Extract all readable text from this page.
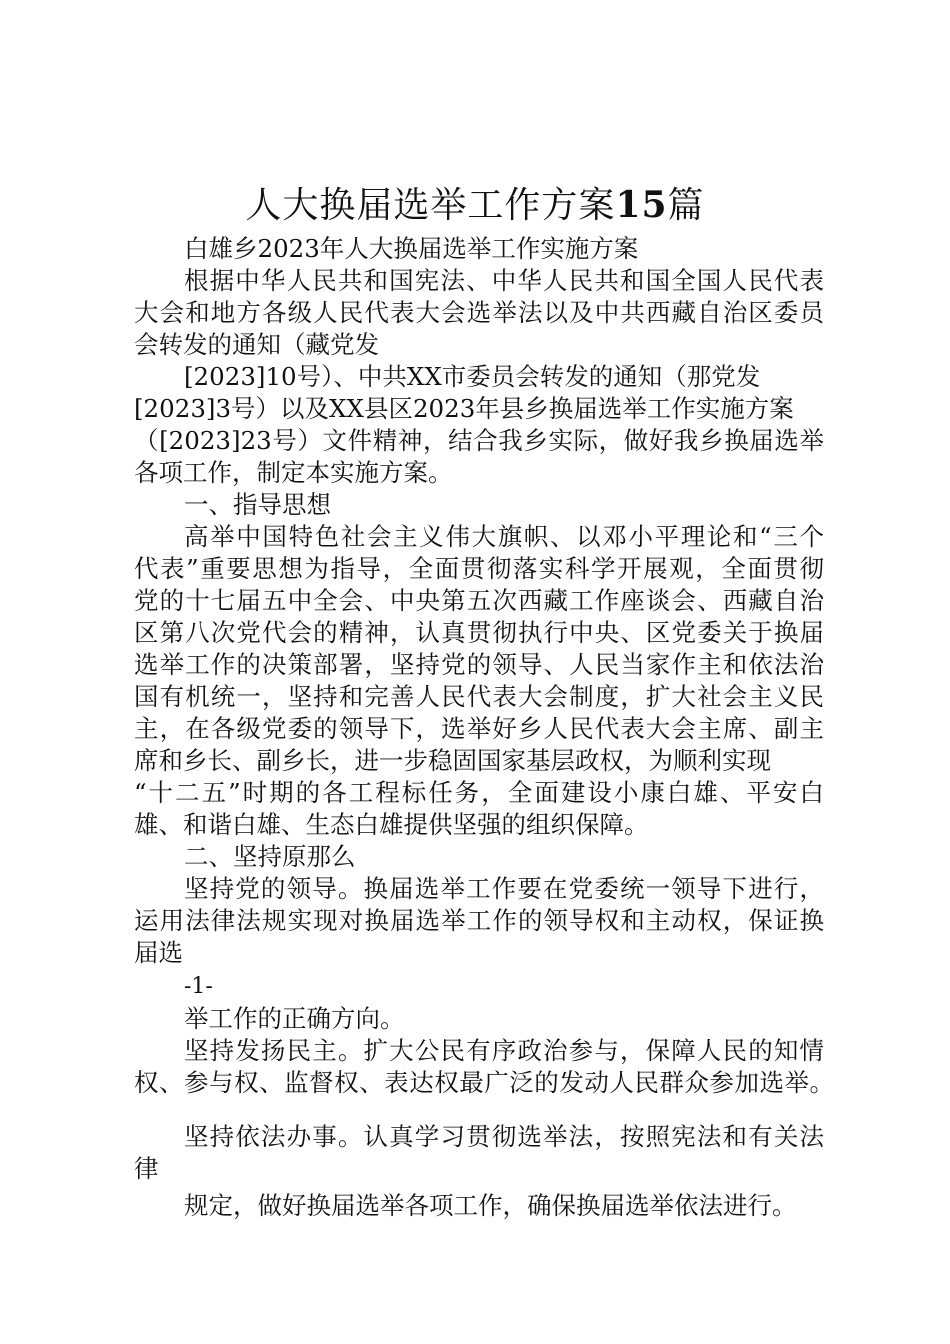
人大换届选举工作方案15篇
白雄乡2023年人大换届选举工作实施方案
根据中华人民共和国宪法、中华人民共和国全国人民代表
大会和地方各级人民代表大会选举法以及中共西藏自治区委员
会转发的通知（藏党发
[2023]10号）、中共XX市委员会转发的通知（那党发
[2023]3号）以及XX县区2023年县乡换届选举工作实施方案
（[2023]23号）文件精神，结合我乡实际，做好我乡换届选举
各项工作，制定本实施方案。
一、指导思想
高举中国特色社会主义伟大旗帜、以邓小平理论和“三个
代表”重要思想为指导，全面贯彻落实科学开展观，全面贯彻
党的十七届五中全会、中央第五次西藏工作座谈会、西藏自治
区第八次党代会的精神，认真贯彻执行中央、区党委关于换届
选举工作的决策部署，坚持党的领导、人民当家作主和依法治
国有机统一，坚持和完善人民代表大会制度，扩大社会主义民
主，在各级党委的领导下，选举好乡人民代表大会主席、副主
席和乡长、副乡长，进一步稳固国家基层政权，为顺利实现
“十二五”时期的各工程标任务，全面建设小康白雄、平安白
雄、和谐白雄、生态白雄提供坚强的组织保障。
二、坚持原那么
坚持党的领导。换届选举工作要在党委统一领导下进行，
运用法律法规实现对换届选举工作的领导权和主动权，保证换
届选
-1-
举工作的正确方向。
坚持发扬民主。扩大公民有序政治参与，保障人民的知情
权、参与权、监督权、表达权最广泛的发动人民群众参加选举。
坚持依法办事。认真学习贯彻选举法，按照宪法和有关法
律
规定，做好换届选举各项工作，确保换届选举依法进行。
